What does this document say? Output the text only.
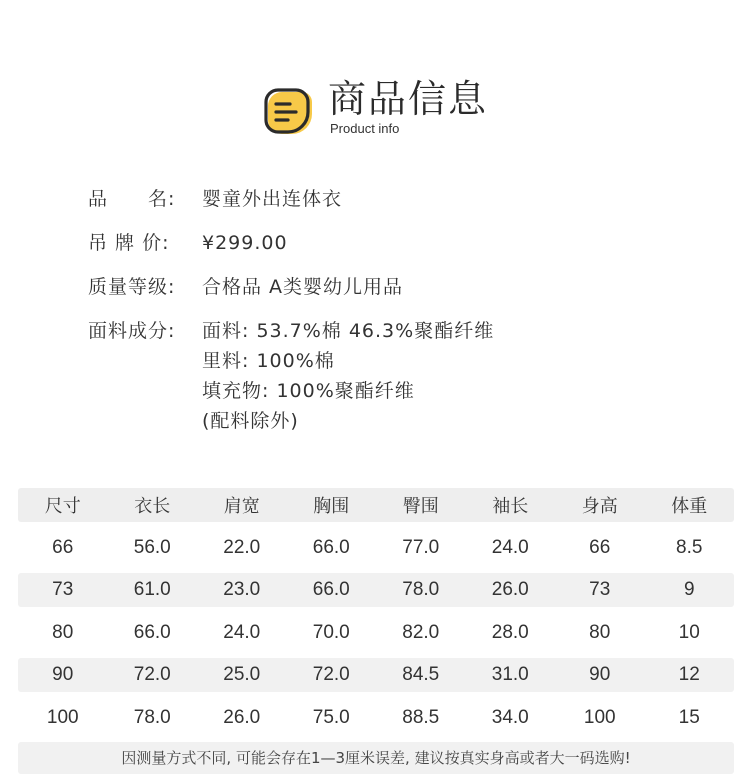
商品信息
Product info
品　　名:	婴童外出连体衣
吊 牌 价:	¥299.00
质量等级:	合格品 A类婴幼儿用品
面料成分:	面料: 53.7%棉 46.3%聚酯纤维
里料: 100%棉
填充物: 100%聚酯纤维
(配料除外)
尺寸	衣长	肩宽	胸围	臀围	袖长	身高	体重
66	56.0	22.0	66.0	77.0	24.0	66	8.5
73	61.0	23.0	66.0	78.0	26.0	73	9
80	66.0	24.0	70.0	82.0	28.0	80	10
90	72.0	25.0	72.0	84.5	31.0	90	12
100	78.0	26.0	75.0	88.5	34.0	100	15
因测量方式不同, 可能会存在1—3厘米误差, 建议按真实身高或者大一码选购!
